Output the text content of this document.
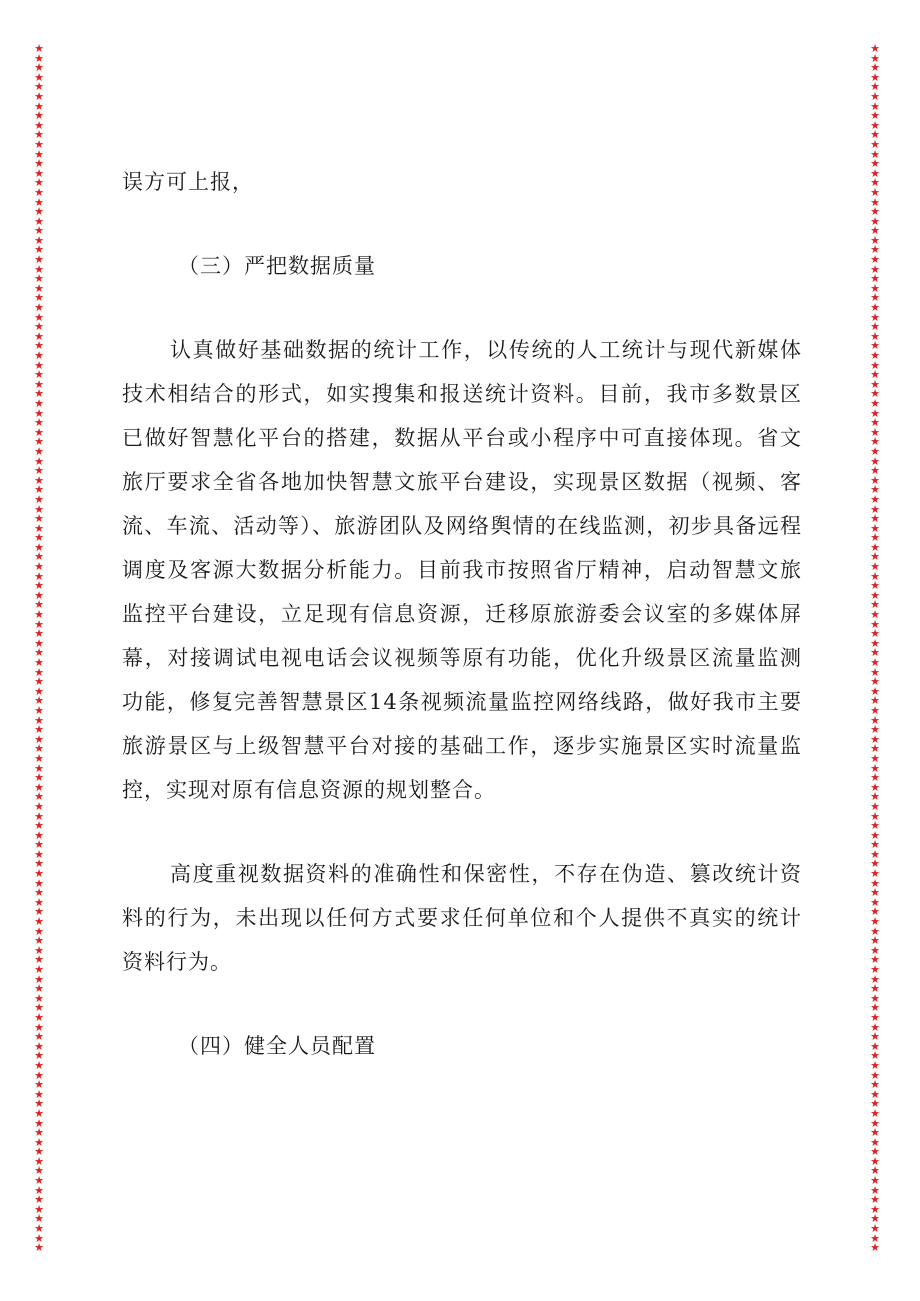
★
★
★
★
★
★
★
★
★
★
★
★
★
★
★
★
★
★
★
★
★
★
★
★
★
★
★
★
★
★
★
★
★
★
★
★
★
★
★
★
★
★
★
★
★
★
★
★
★
★
★
★
★
★
★
★
★
★
★
★
★
★
★
★
★
★
★
★
★
★
★
★
★
★
★
★
★
★
★
★
★
★
★
★
★
★
★
★
★
★
★
★
★
★
★
★
★
★
★
★
★
★
★
★
★
★
★
★
★
★
★
★
★
★
★
★
★
★
★
★
★
★
★
★
★
★
★
★
★
★
★
★
★
★
★
★
★
★
★
★
★
★
★
★
★
★
★
★
★
★
★
★
★
★
★
★
★
★
★
★
★
★
★
★
★
★
★
★
★
★
★
★
★
★
★
★
★
★
★
★
★
★
★
★
★
★
★
★
★
★
★
★
★
★
★
★
★
★
★
★
★
★
★
★
★
★
★
★
★
★
★
★
★
★
★
★
★
★
★
★
★
★
★
★
★
★
★
★
★
★
★
★
★
★
★
★
★
★
★
★
★
★
★
★
★
★
★
★
★
★
★
★

误方可上报，

（三）严把数据质量

认真做好基础数据的统计工作，以传统的人工统计与现代新媒体技术相结合的形式，如实搜集和报送统计资料。目前，我市多数景区已做好智慧化平台的搭建，数据从平台或小程序中可直接体现。省文旅厅要求全省各地加快智慧文旅平台建设，实现景区数据（视频、客流、车流、活动等）、旅游团队及网络舆情的在线监测，初步具备远程调度及客源大数据分析能力。目前我市按照省厅精神，启动智慧文旅监控平台建设，立足现有信息资源，迁移原旅游委会议室的多媒体屏幕，对接调试电视电话会议视频等原有功能，优化升级景区流量监测功能，修复完善智慧景区14条视频流量监控网络线路，做好我市主要旅游景区与上级智慧平台对接的基础工作，逐步实施景区实时流量监控，实现对原有信息资源的规划整合。

高度重视数据资料的准确性和保密性，不存在伪造、篡改统计资料的行为，未出现以任何方式要求任何单位和个人提供不真实的统计资料行为。

（四）健全人员配置
